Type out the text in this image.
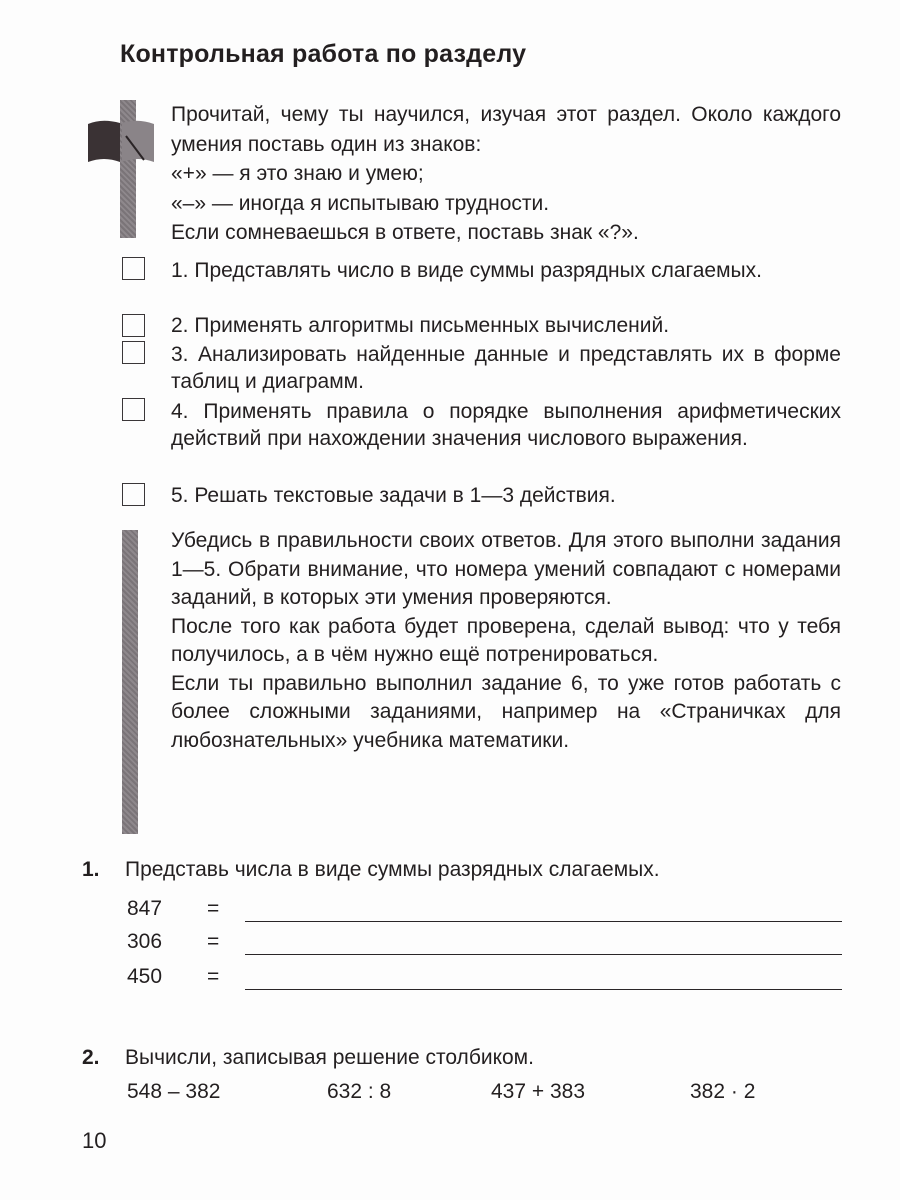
Контрольная работа по разделу

Прочитай, чему ты научился, изучая этот раздел. Около каждого умения поставь один из знаков:

«+» — я это знаю и умею;

«–» — иногда я испытываю трудности.

Если сомневаешься в ответе, поставь знак «?».

1. Представлять число в виде суммы разрядных слагаемых.
2. Применять алгоритмы письменных вычислений.
3. Анализировать найденные данные и представлять их в форме таблиц и диаграмм.
4. Применять правила о порядке выполнения арифметических действий при нахождении значения числового выражения.
5. Решать текстовые задачи в 1—3 действия.

Убедись в правильности своих ответов. Для этого выполни задания 1—5. Обрати внимание, что номера умений совпадают с номерами заданий, в которых эти умения проверяются.

После того как работа будет проверена, сделай вывод: что у тебя получилось, а в чём нужно ещё потренироваться.

Если ты правильно выполнил задание 6, то уже готов работать с более сложными заданиями, например на «Страничках для любознательных» учебника математики.

1. Представь числа в виде суммы разрядных слагаемых.
847 =
306 =
450 =
2. Вычисли, записывая решение столбиком.
548 – 382	632 : 8	437 + 383	382 · 2
10
